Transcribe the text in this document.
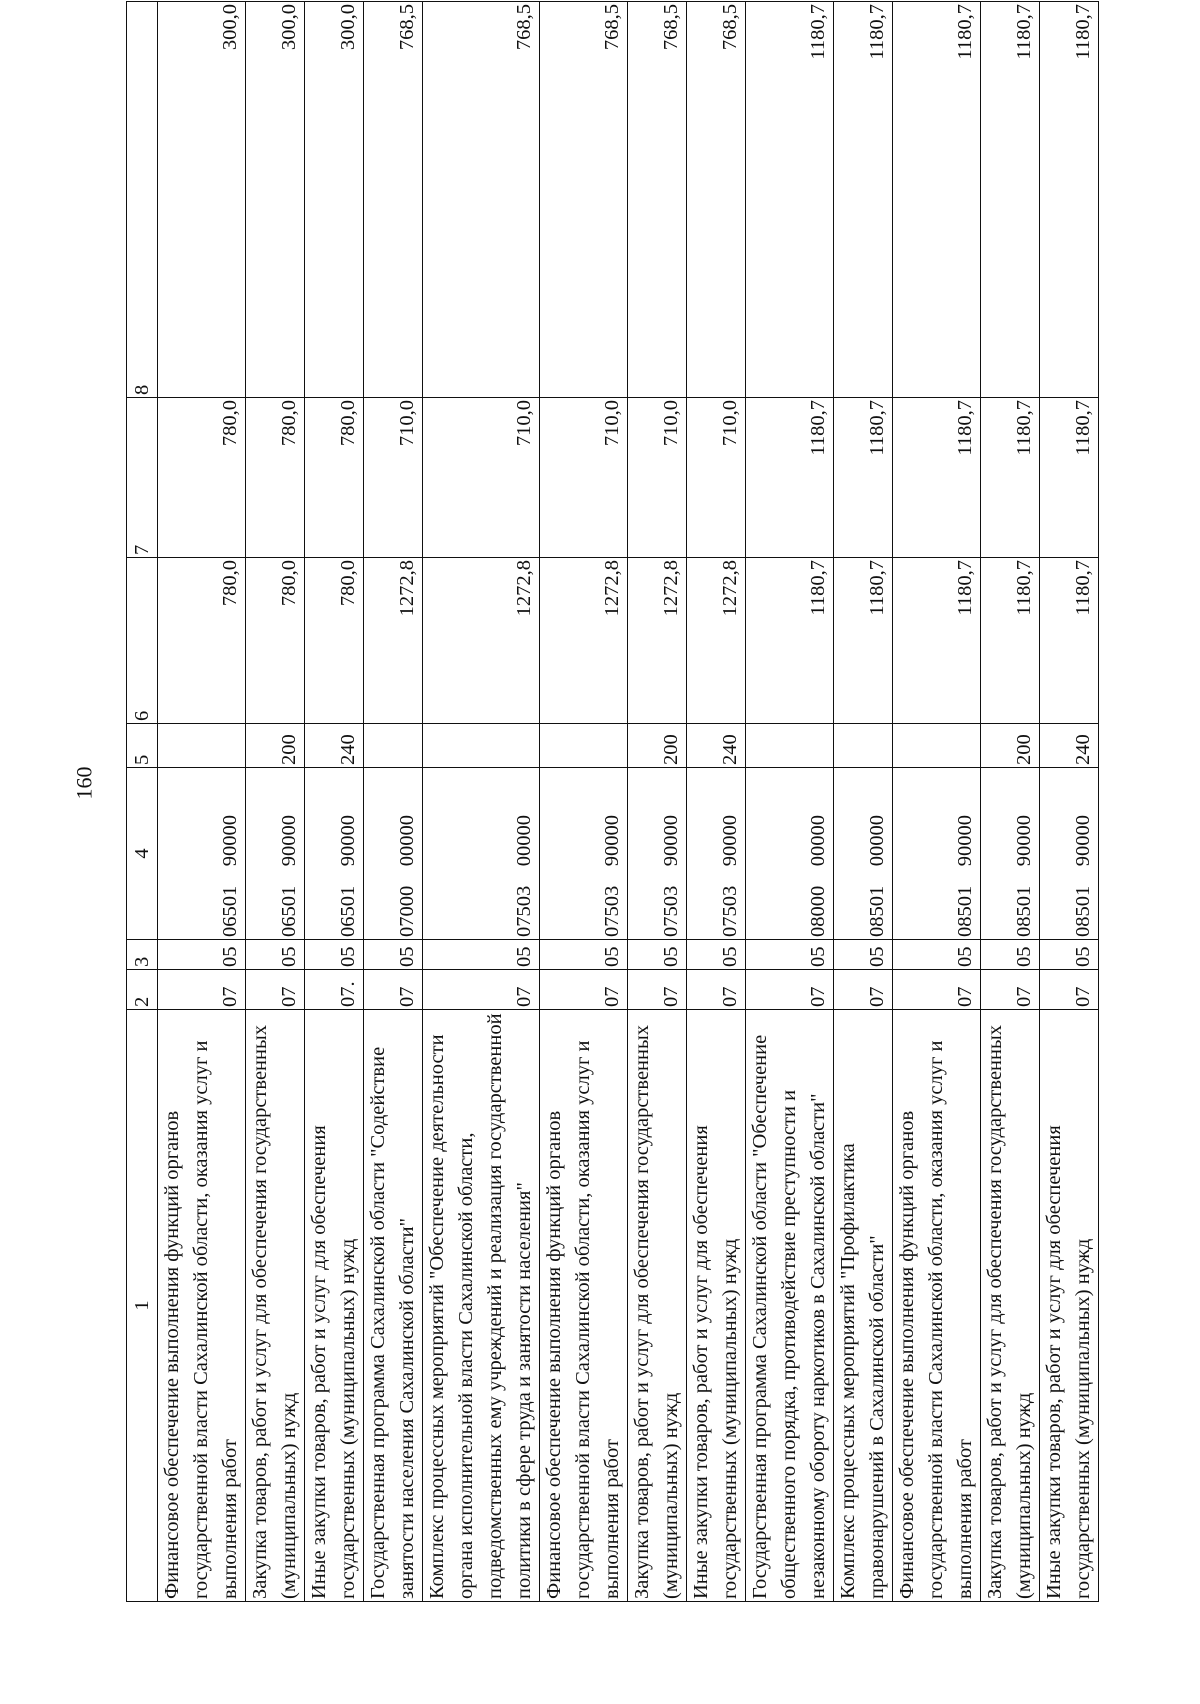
160
1	2	3	4	5	6	7	8
Финансовое обеспечение выполнения функций органов государственной власти Сахалинской области, оказания услуг и выполнения работ	07	05	0650190000		780,0	780,0	300,0
Закупка товаров, работ и услуг для обеспечения государственных (муниципальных) нужд	07	05	0650190000	200	780,0	780,0	300,0
Иные закупки товаров, работ и услуг для обеспечения государственных (муниципальных) нужд	07.	05	0650190000	240	780,0	780,0	300,0
Государственная программа Сахалинской области "Содействие занятости населения Сахалинской области"	07	05	0700000000		1272,8	710,0	768,5
Комплекс процессных мероприятий "Обеспечение деятельности органа исполнительной власти Сахалинской области, подведомственных ему учреждений и реализация государственной политики в сфере труда и занятости населения"	07	05	0750300000		1272,8	710,0	768,5
Финансовое обеспечение выполнения функций органов государственной власти Сахалинской области, оказания услуг и выполнения работ	07	05	0750390000		1272,8	710,0	768,5
Закупка товаров, работ и услуг для обеспечения государственных (муниципальных) нужд	07	05	0750390000	200	1272,8	710,0	768,5
Иные закупки товаров, работ и услуг для обеспечения государственных (муниципальных) нужд	07	05	0750390000	240	1272,8	710,0	768,5
Государственная программа Сахалинской области "Обеспечение общественного порядка, противодействие преступности и незаконному обороту наркотиков в Сахалинской области"	07	05	0800000000		1180,7	1180,7	1180,7
Комплекс процессных мероприятий "Профилактика правонарушений в Сахалинской области"	07	05	0850100000		1180,7	1180,7	1180,7
Финансовое обеспечение выполнения функций органов государственной власти Сахалинской области, оказания услуг и выполнения работ	07	05	0850190000		1180,7	1180,7	1180,7
Закупка товаров, работ и услуг для обеспечения государственных (муниципальных) нужд	07	05	0850190000	200	1180,7	1180,7	1180,7
Иные закупки товаров, работ и услуг для обеспечения государственных (муниципальных) нужд	07	05	0850190000	240	1180,7	1180,7	1180,7
